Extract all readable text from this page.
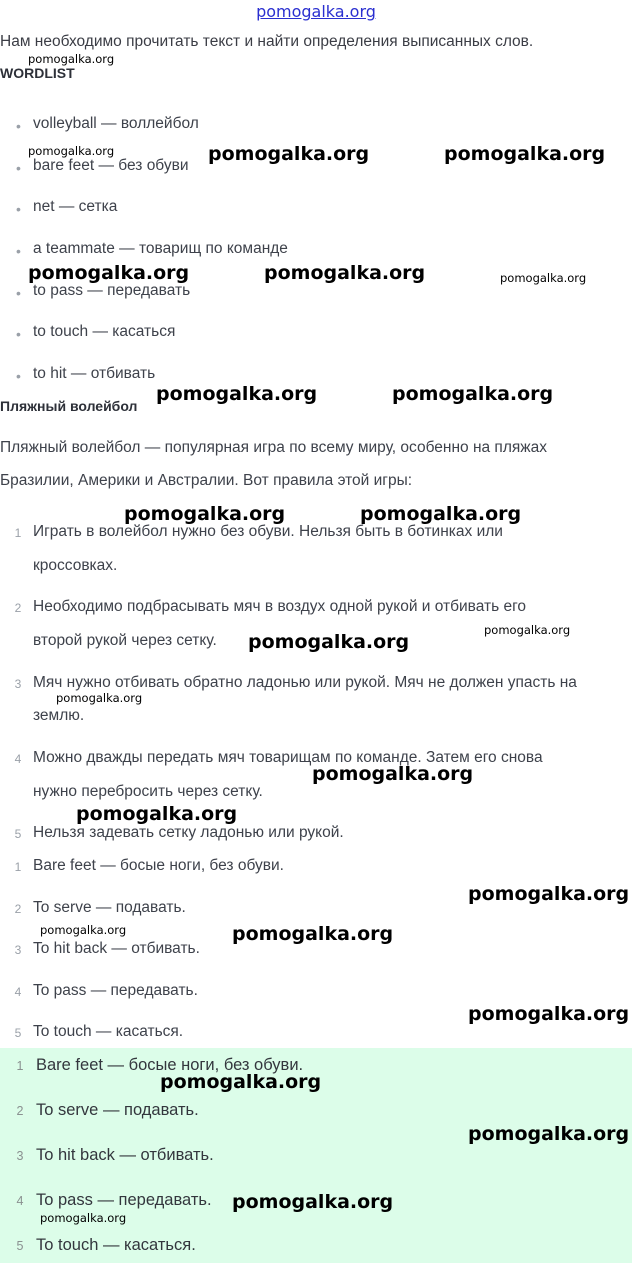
pomogalka.org
Нам необходимо прочитать текст и найти определения выписанных слов.
WORDLIST
• volleyball — воллейбол
• bare feet — без обуви
• net — сетка
• a teammate — товарищ по команде
• to pass — передавать
• to touch — касаться
• to hit — отбивать
Пляжный волейбол
Пляжный волейбол — популярная игра по всему миру, особенно на пляжах
Бразилии, Америки и Австралии. Вот правила этой игры:
1 Играть в волейбол нужно без обуви. Нельзя быть в ботинках или
кроссовках.
2 Необходимо подбрасывать мяч в воздух одной рукой и отбивать его
второй рукой через сетку.
3 Мяч нужно отбивать обратно ладонью или рукой. Мяч не должен упасть на
землю.
4 Можно дважды передать мяч товарищам по команде. Затем его снова
нужно перебросить через сетку.
5 Нельзя задевать сетку ладонью или рукой.
1 Bare feet — босые ноги, без обуви.
2 To serve — подавать.
3 To hit back — отбивать.
4 To pass — передавать.
5 To touch — касаться.
1 Bare feet — босые ноги, без обуви.
2 To serve — подавать.
3 To hit back — отбивать.
4 To pass — передавать.
5 To touch — касаться.
pomogalka.org
pomogalka.org	pomogalka.org	pomogalka.org
pomogalka.org	pomogalka.org	pomogalka.org
pomogalka.org	pomogalka.org
pomogalka.org	pomogalka.org
pomogalka.org
pomogalka.org
pomogalka.org
pomogalka.org
pomogalka.org
pomogalka.org
pomogalka.org	pomogalka.org
pomogalka.org
pomogalka.org
pomogalka.org
pomogalka.org
pomogalka.org
